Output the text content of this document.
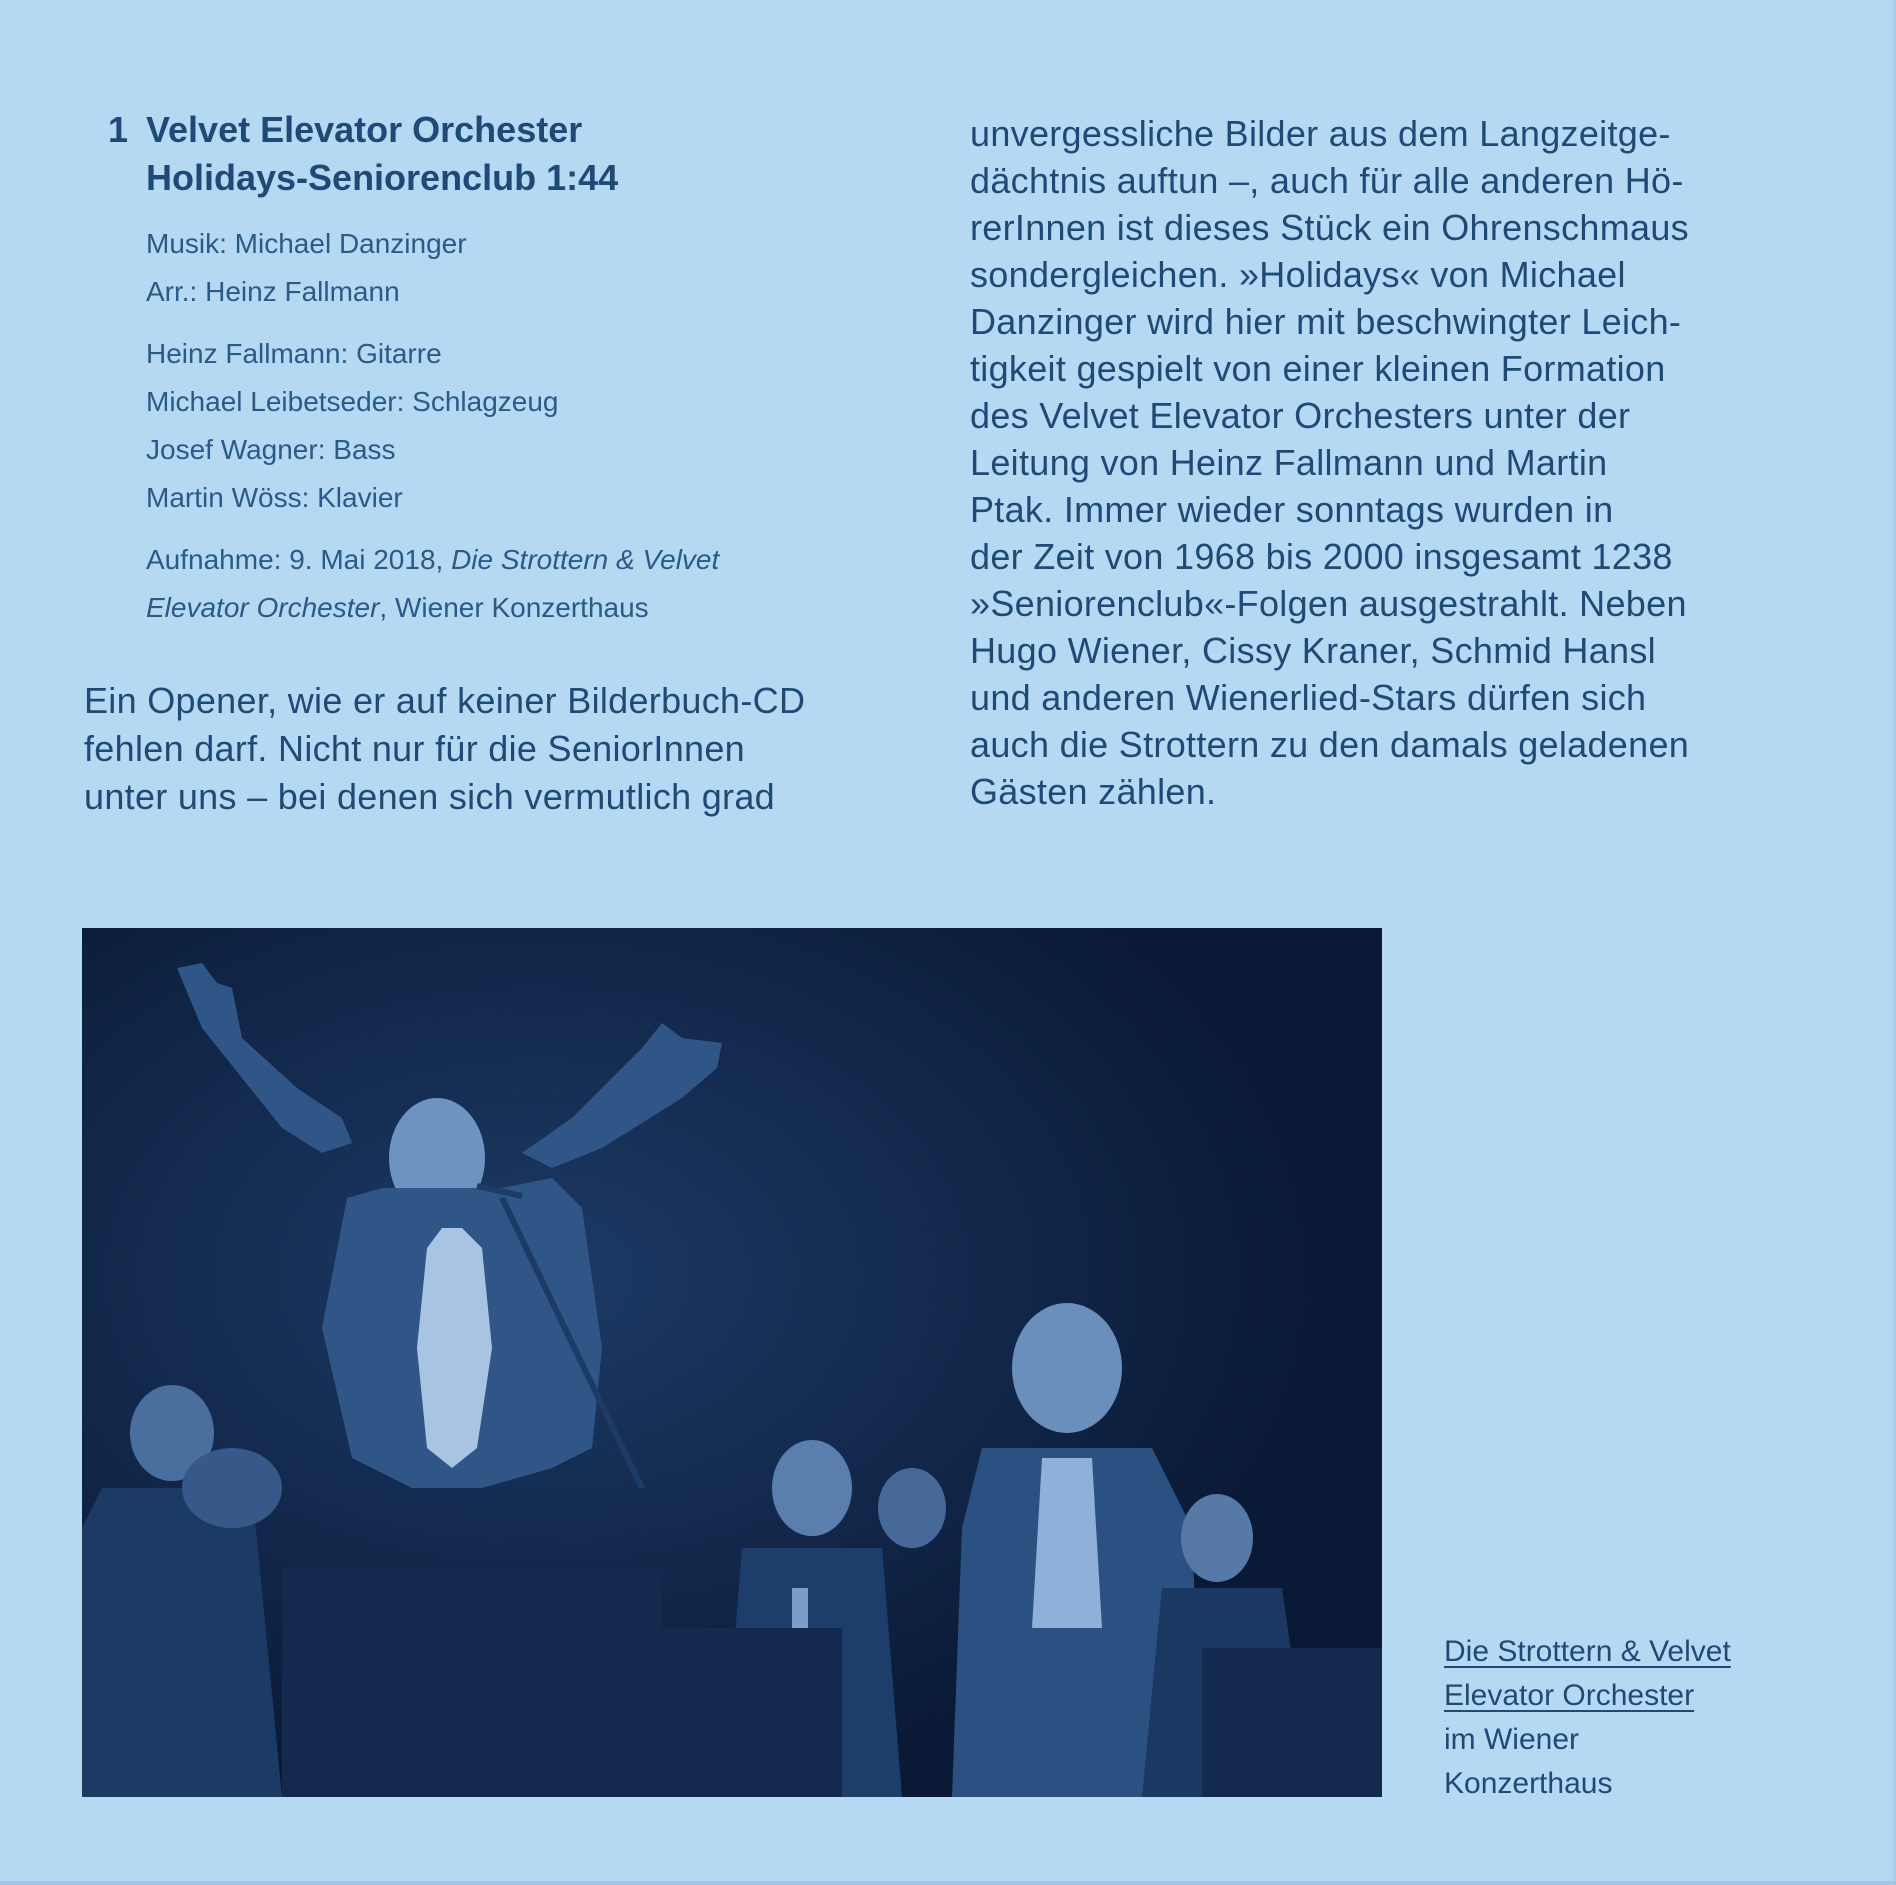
1 Velvet Elevator Orchester
Holidays-Seniorenclub 1:44
Musik: Michael Danzinger
Arr.: Heinz Fallmann
Heinz Fallmann: Gitarre
Michael Leibetseder: Schlagzeug
Josef Wagner: Bass
Martin Wöss: Klavier
Aufnahme: 9. Mai 2018, Die Strottern & Velvet
Elevator Orchester, Wiener Konzerthaus
Ein Opener, wie er auf keiner Bilderbuch-CD
fehlen darf. Nicht nur für die SeniorInnen
unter uns – bei denen sich vermutlich grad
unvergessliche Bilder aus dem Langzeitge-
dächtnis auftun –, auch für alle anderen Hö-
rerInnen ist dieses Stück ein Ohrenschmaus
sondergleichen. »Holidays« von Michael
Danzinger wird hier mit beschwingter Leich-
tigkeit gespielt von einer kleinen Formation
des Velvet Elevator Orchesters unter der
Leitung von Heinz Fallmann und Martin
Ptak. Immer wieder sonntags wurden in
der Zeit von 1968 bis 2000 insgesamt 1238
»Seniorenclub«-Folgen ausgestrahlt. Neben
Hugo Wiener, Cissy Kraner, Schmid Hansl
und anderen Wienerlied-Stars dürfen sich
auch die Strottern zu den damals geladenen
Gästen zählen.
Die Strottern & Velvet
Elevator Orchester
im Wiener
Konzerthaus
